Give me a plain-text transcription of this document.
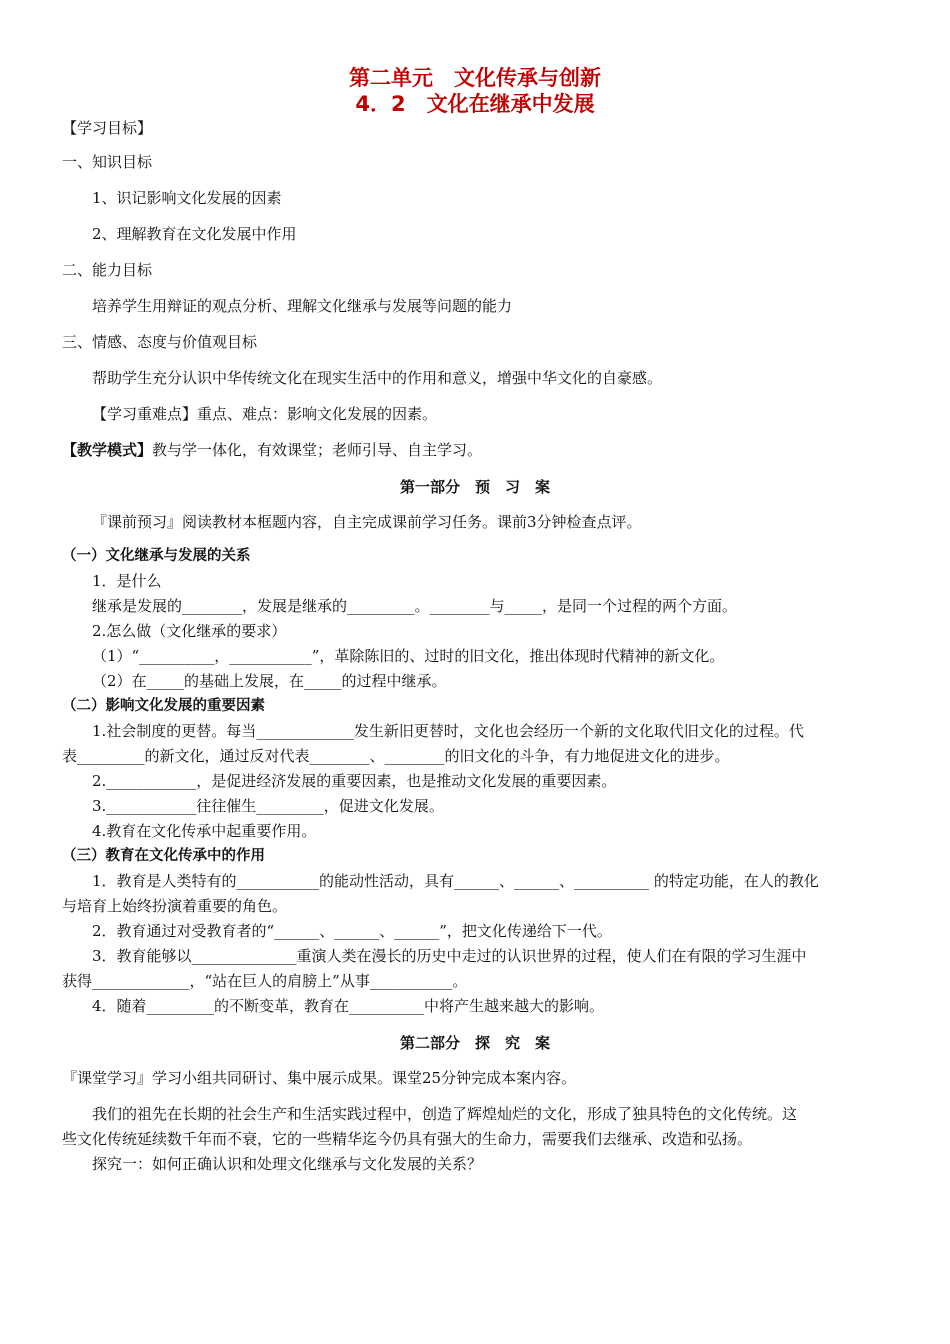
第二单元　文化传承与创新
4．2　文化在继承中发展
【学习目标】
一、知识目标
1、识记影响文化发展的因素
2、理解教育在文化发展中作用
二、能力目标
培养学生用辩证的观点分析、理解文化继承与发展等问题的能力
三、情感、态度与价值观目标
帮助学生充分认识中华传统文化在现实生活中的作用和意义，增强中华文化的自豪感。
【学习重难点】重点、难点：影响文化发展的因素。
【教学模式】教与学一体化，有效课堂；老师引导、自主学习。
第一部分　预　习　案
『课前预习』阅读教材本框题内容，自主完成课前学习任务。课前3分钟检查点评。
（一）文化继承与发展的关系
1．是什么
继承是发展的________，发展是继承的_________。________与_____，是同一个过程的两个方面。
2.怎么做（文化继承的要求）
（1）“__________，___________”，革除陈旧的、过时的旧文化，推出体现时代精神的新文化。
（2）在_____的基础上发展，在_____的过程中继承。
（二）影响文化发展的重要因素
1.社会制度的更替。每当_____________发生新旧更替时，文化也会经历一个新的文化取代旧文化的过程。代
表_________的新文化，通过反对代表________、________的旧文化的斗争，有力地促进文化的进步。
2.____________，是促进经济发展的重要因素，也是推动文化发展的重要因素。
3.____________往往催生_________，促进文化发展。
4.教育在文化传承中起重要作用。
（三）教育在文化传承中的作用
1．教育是人类特有的___________的能动性活动，具有______、______、__________ 的特定功能，在人的教化
与培育上始终扮演着重要的角色。
2．教育通过对受教育者的“______、______、______”，把文化传递给下一代。
3．教育能够以______________重演人类在漫长的历史中走过的认识世界的过程，使人们在有限的学习生涯中
获得_____________，“站在巨人的肩膀上”从事___________。
4．随着_________的不断变革，教育在__________中将产生越来越大的影响。
第二部分　探　究　案
『课堂学习』学习小组共同研讨、集中展示成果。课堂25分钟完成本案内容。
我们的祖先在长期的社会生产和生活实践过程中，创造了辉煌灿烂的文化，形成了独具特色的文化传统。这
些文化传统延续数千年而不衰，它的一些精华迄今仍具有强大的生命力，需要我们去继承、改造和弘扬。
探究一：如何正确认识和处理文化继承与文化发展的关系？
